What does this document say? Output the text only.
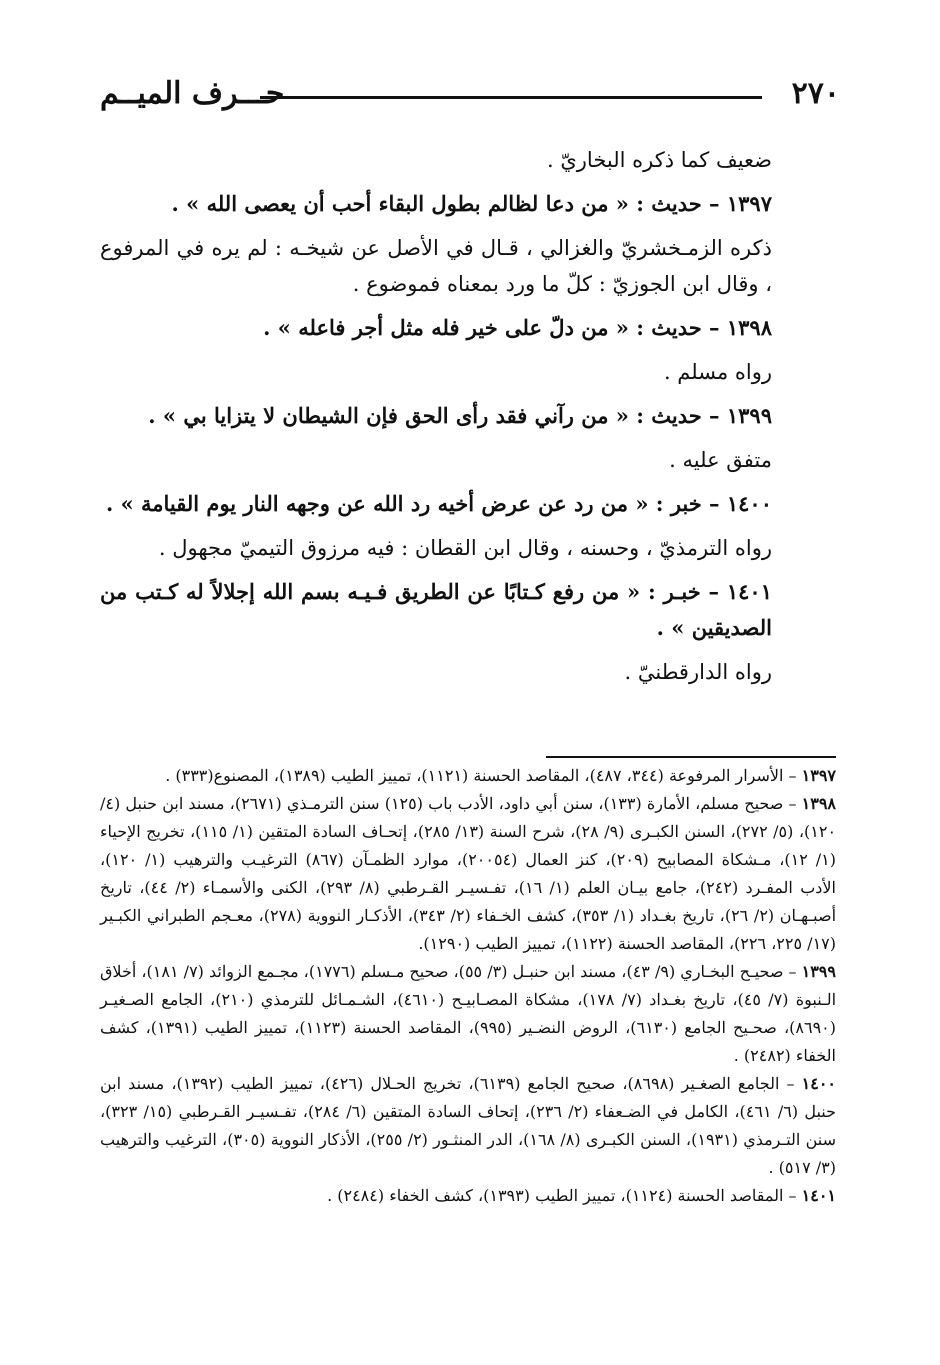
٢٧٠
حـــرف الميــم

ضعيف كما ذكره البخاريّ .

١٣٩٧ – حديث : « من دعا لظالم بطول البقاء أحب أن يعصى الله » .

ذكره الزمـخشريّ والغزالي ، قـال في الأصل عن شيخـه : لم يره في المرفوع ، وقال ابن الجوزيّ : كلّ ما ورد بمعناه فموضوع .

١٣٩٨ – حديث : « من دلّ على خير فله مثل أجر فاعله » .

رواه مسلم .

١٣٩٩ – حديث : « من رآني فقد رأى الحق فإن الشيطان لا يتزايا بي » .

متفق عليه .

١٤٠٠ – خبر : « من رد عن عرض أخيه رد الله عن وجهه النار يوم القيامة » .

رواه الترمذيّ ، وحسنه ، وقال ابن القطان : فيه مرزوق التيميّ مجهول .

١٤٠١ – خبـر : « من رفع كـتابًا عن الطريق فـيـه بسم الله إجلالاً له كـتب من الصديقين » .

رواه الدارقطنيّ .

١٣٩٧ – الأسرار المرفوعة (٣٤٤، ٤٨٧)، المقاصد الحسنة (١١٢١)، تمييز الطيب (١٣٨٩)، المصنوع(٣٣٣) .

١٣٩٨ – صحيح مسلم، الأمارة (١٣٣)، سنن أبي داود، الأدب باب (١٢٥) سنن الترمـذي (٢٦٧١)، مسند ابن حنبل (٤/ ١٢٠)، (٥/ ٢٧٢)، السنن الكبـرى (٩/ ٢٨)، شرح السنة (١٣/ ٢٨٥)، إتحـاف السادة المتقين (١/ ١١٥)، تخريج الإحياء (١/ ١٢)، مـشكاة المصابيح (٢٠٩)، كنز العمال (٢٠٠٥٤)، موارد الظمـآن (٨٦٧) الترغيـب والترهيب (١/ ١٢٠)، الأدب المفـرد (٢٤٢)، جامع بيـان العلم (١/ ١٦)، تفـسيـر القـرطبي (٨/ ٢٩٣)، الكنى والأسمـاء (٢/ ٤٤)، تاريخ أصبـهـان (٢/ ٢٦)، تاريخ بغـداد (١/ ٣٥٣)، كشف الخـفاء (٢/ ٣٤٣)، الأذكـار النووية (٢٧٨)، معـجم الطبراني الكبـير (١٧/ ٢٢٥، ٢٢٦)، المقاصد الحسنة (١١٢٢)، تمييز الطيب (١٢٩٠).

١٣٩٩ – صحيـح البخـاري (٩/ ٤٣)، مسند ابن حنبـل (٣/ ٥٥)، صحيح مـسلم (١٧٧٦)، مجـمع الزوائد (٧/ ١٨١)، أخلاق الـنبوة (٧/ ٤٥)، تاريخ بغـداد (٧/ ١٧٨)، مشكاة المصـابيـح (٤٦١٠)، الشـمـائل للترمذي (٢١٠)، الجامع الصـغيـر (٨٦٩٠)، صحـيح الجامع (٦١٣٠)، الروض النضـير (٩٩٥)، المقاصد الحسنة (١١٢٣)، تمييز الطيب (١٣٩١)، كشف الخفاء (٢٤٨٢) .

١٤٠٠ – الجامع الصغـير (٨٦٩٨)، صحيح الجامع (٦١٣٩)، تخريج الحـلال (٤٢٦)، تمييز الطيب (١٣٩٢)، مسند ابن حنبل (٦/ ٤٦١)، الكامل في الضـعفاء (٢/ ٢٣٦)، إتحاف السادة المتقين (٦/ ٢٨٤)، تفـسيـر القـرطبي (١٥/ ٣٢٣)، سنن التـرمذي (١٩٣١)، السنن الكبـرى (٨/ ١٦٨)، الدر المنثـور (٢/ ٢٥٥)، الأذكار النووية (٣٠٥)، الترغيب والترهيب (٣/ ٥١٧) .

١٤٠١ – المقاصد الحسنة (١١٢٤)، تمييز الطيب (١٣٩٣)، كشف الخفاء (٢٤٨٤) .
